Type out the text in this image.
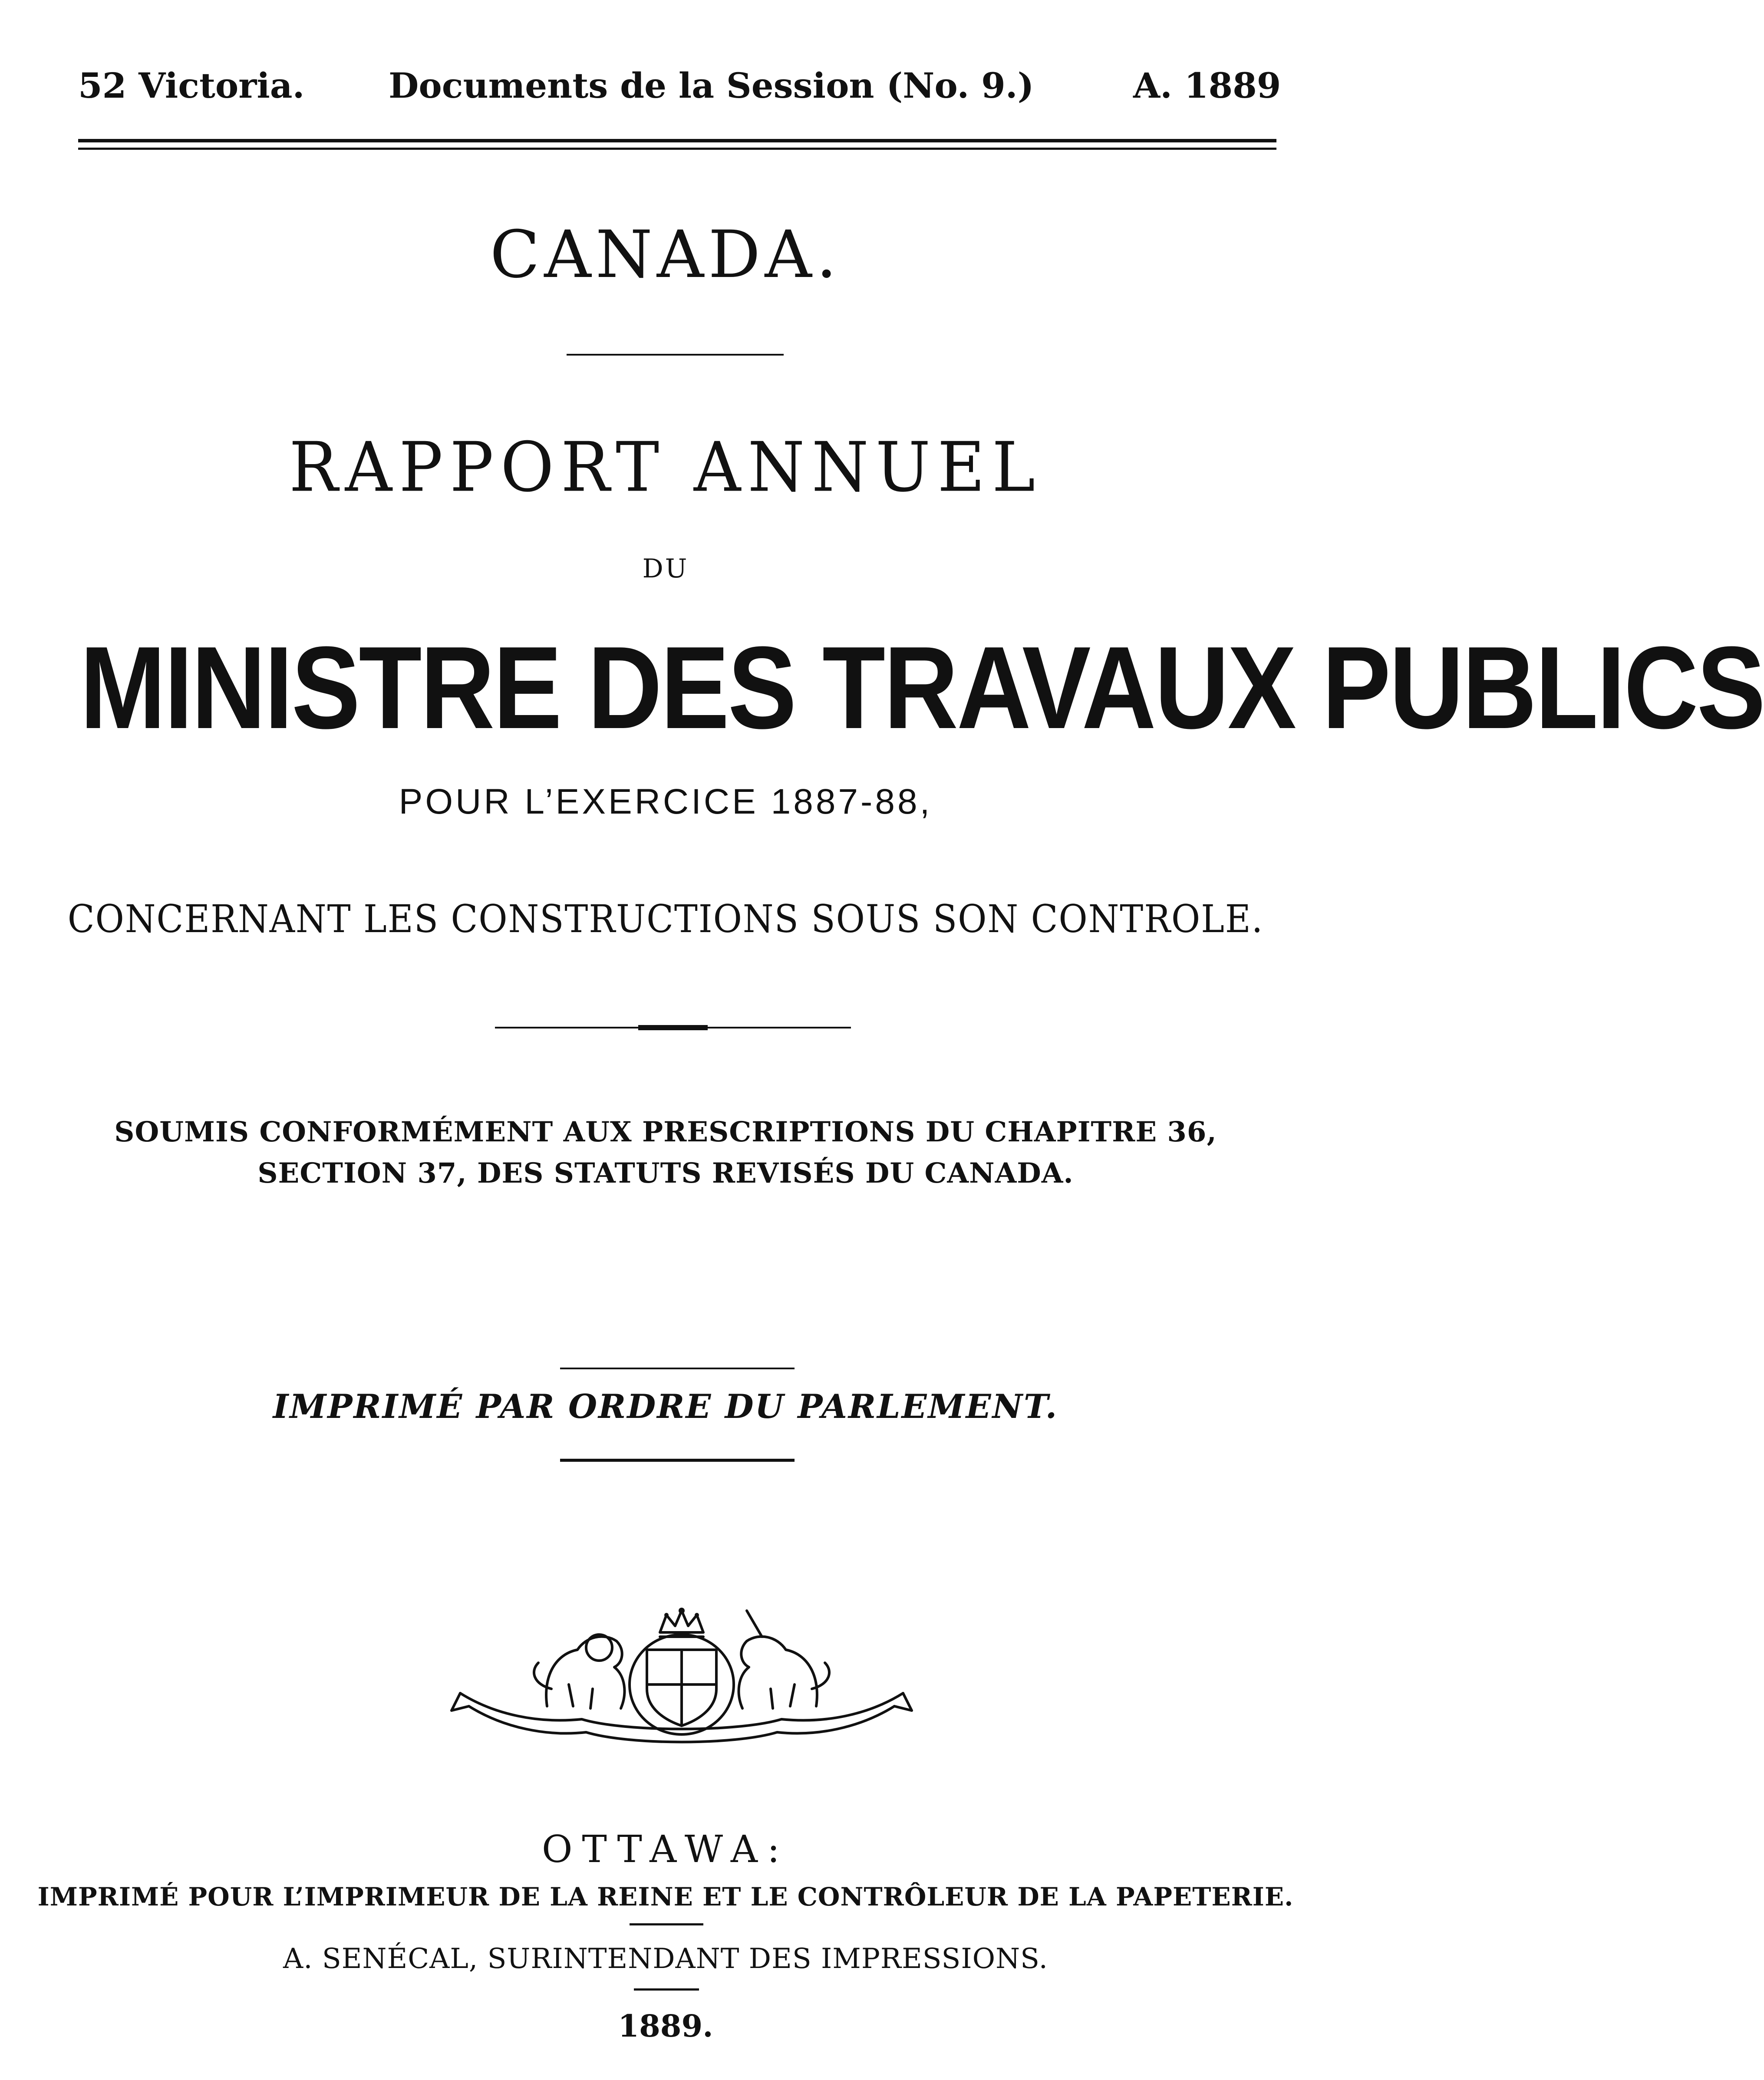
52 Victoria. Documents de la Session (No. 9.)	A. 1889
CANADA.
RAPPORT ANNUEL
DU
MINISTRE DES TRAVAUX PUBLICS
POUR L’EXERCICE 1887-88,
CONCERNANT LES CONSTRUCTIONS SOUS SON CONTROLE.
SOUMIS CONFORMÉMENT AUX PRESCRIPTIONS DU CHAPITRE 36,
SECTION 37, DES STATUTS REVISÉS DU CANADA.
IMPRIMÉ PAR ORDRE DU PARLEMENT.
OTTAWA:
IMPRIMÉ POUR L’IMPRIMEUR DE LA REINE ET LE CONTRÔLEUR DE LA PAPETERIE.
A. SENÉCAL, SURINTENDANT DES IMPRESSIONS.
1889.
